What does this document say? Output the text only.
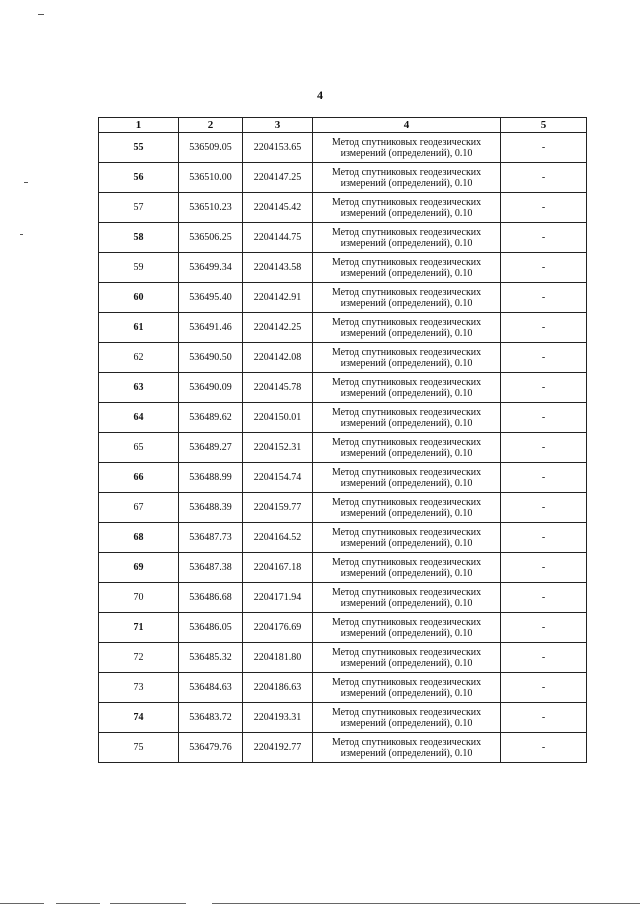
4
1	2	3	4	5
55	536509.05	2204153.65	Метод спутниковых геодезических измерений (определений), 0.10	-
56	536510.00	2204147.25	Метод спутниковых геодезических измерений (определений), 0.10	-
57	536510.23	2204145.42	Метод спутниковых геодезических измерений (определений), 0.10	-
58	536506.25	2204144.75	Метод спутниковых геодезических измерений (определений), 0.10	-
59	536499.34	2204143.58	Метод спутниковых геодезических измерений (определений), 0.10	-
60	536495.40	2204142.91	Метод спутниковых геодезических измерений (определений), 0.10	-
61	536491.46	2204142.25	Метод спутниковых геодезических измерений (определений), 0.10	-
62	536490.50	2204142.08	Метод спутниковых геодезических измерений (определений), 0.10	-
63	536490.09	2204145.78	Метод спутниковых геодезических измерений (определений), 0.10	-
64	536489.62	2204150.01	Метод спутниковых геодезических измерений (определений), 0.10	-
65	536489.27	2204152.31	Метод спутниковых геодезических измерений (определений), 0.10	-
66	536488.99	2204154.74	Метод спутниковых геодезических измерений (определений), 0.10	-
67	536488.39	2204159.77	Метод спутниковых геодезических измерений (определений), 0.10	-
68	536487.73	2204164.52	Метод спутниковых геодезических измерений (определений), 0.10	-
69	536487.38	2204167.18	Метод спутниковых геодезических измерений (определений), 0.10	-
70	536486.68	2204171.94	Метод спутниковых геодезических измерений (определений), 0.10	-
71	536486.05	2204176.69	Метод спутниковых геодезических измерений (определений), 0.10	-
72	536485.32	2204181.80	Метод спутниковых геодезических измерений (определений), 0.10	-
73	536484.63	2204186.63	Метод спутниковых геодезических измерений (определений), 0.10	-
74	536483.72	2204193.31	Метод спутниковых геодезических измерений (определений), 0.10	-
75	536479.76	2204192.77	Метод спутниковых геодезических измерений (определений), 0.10	-
